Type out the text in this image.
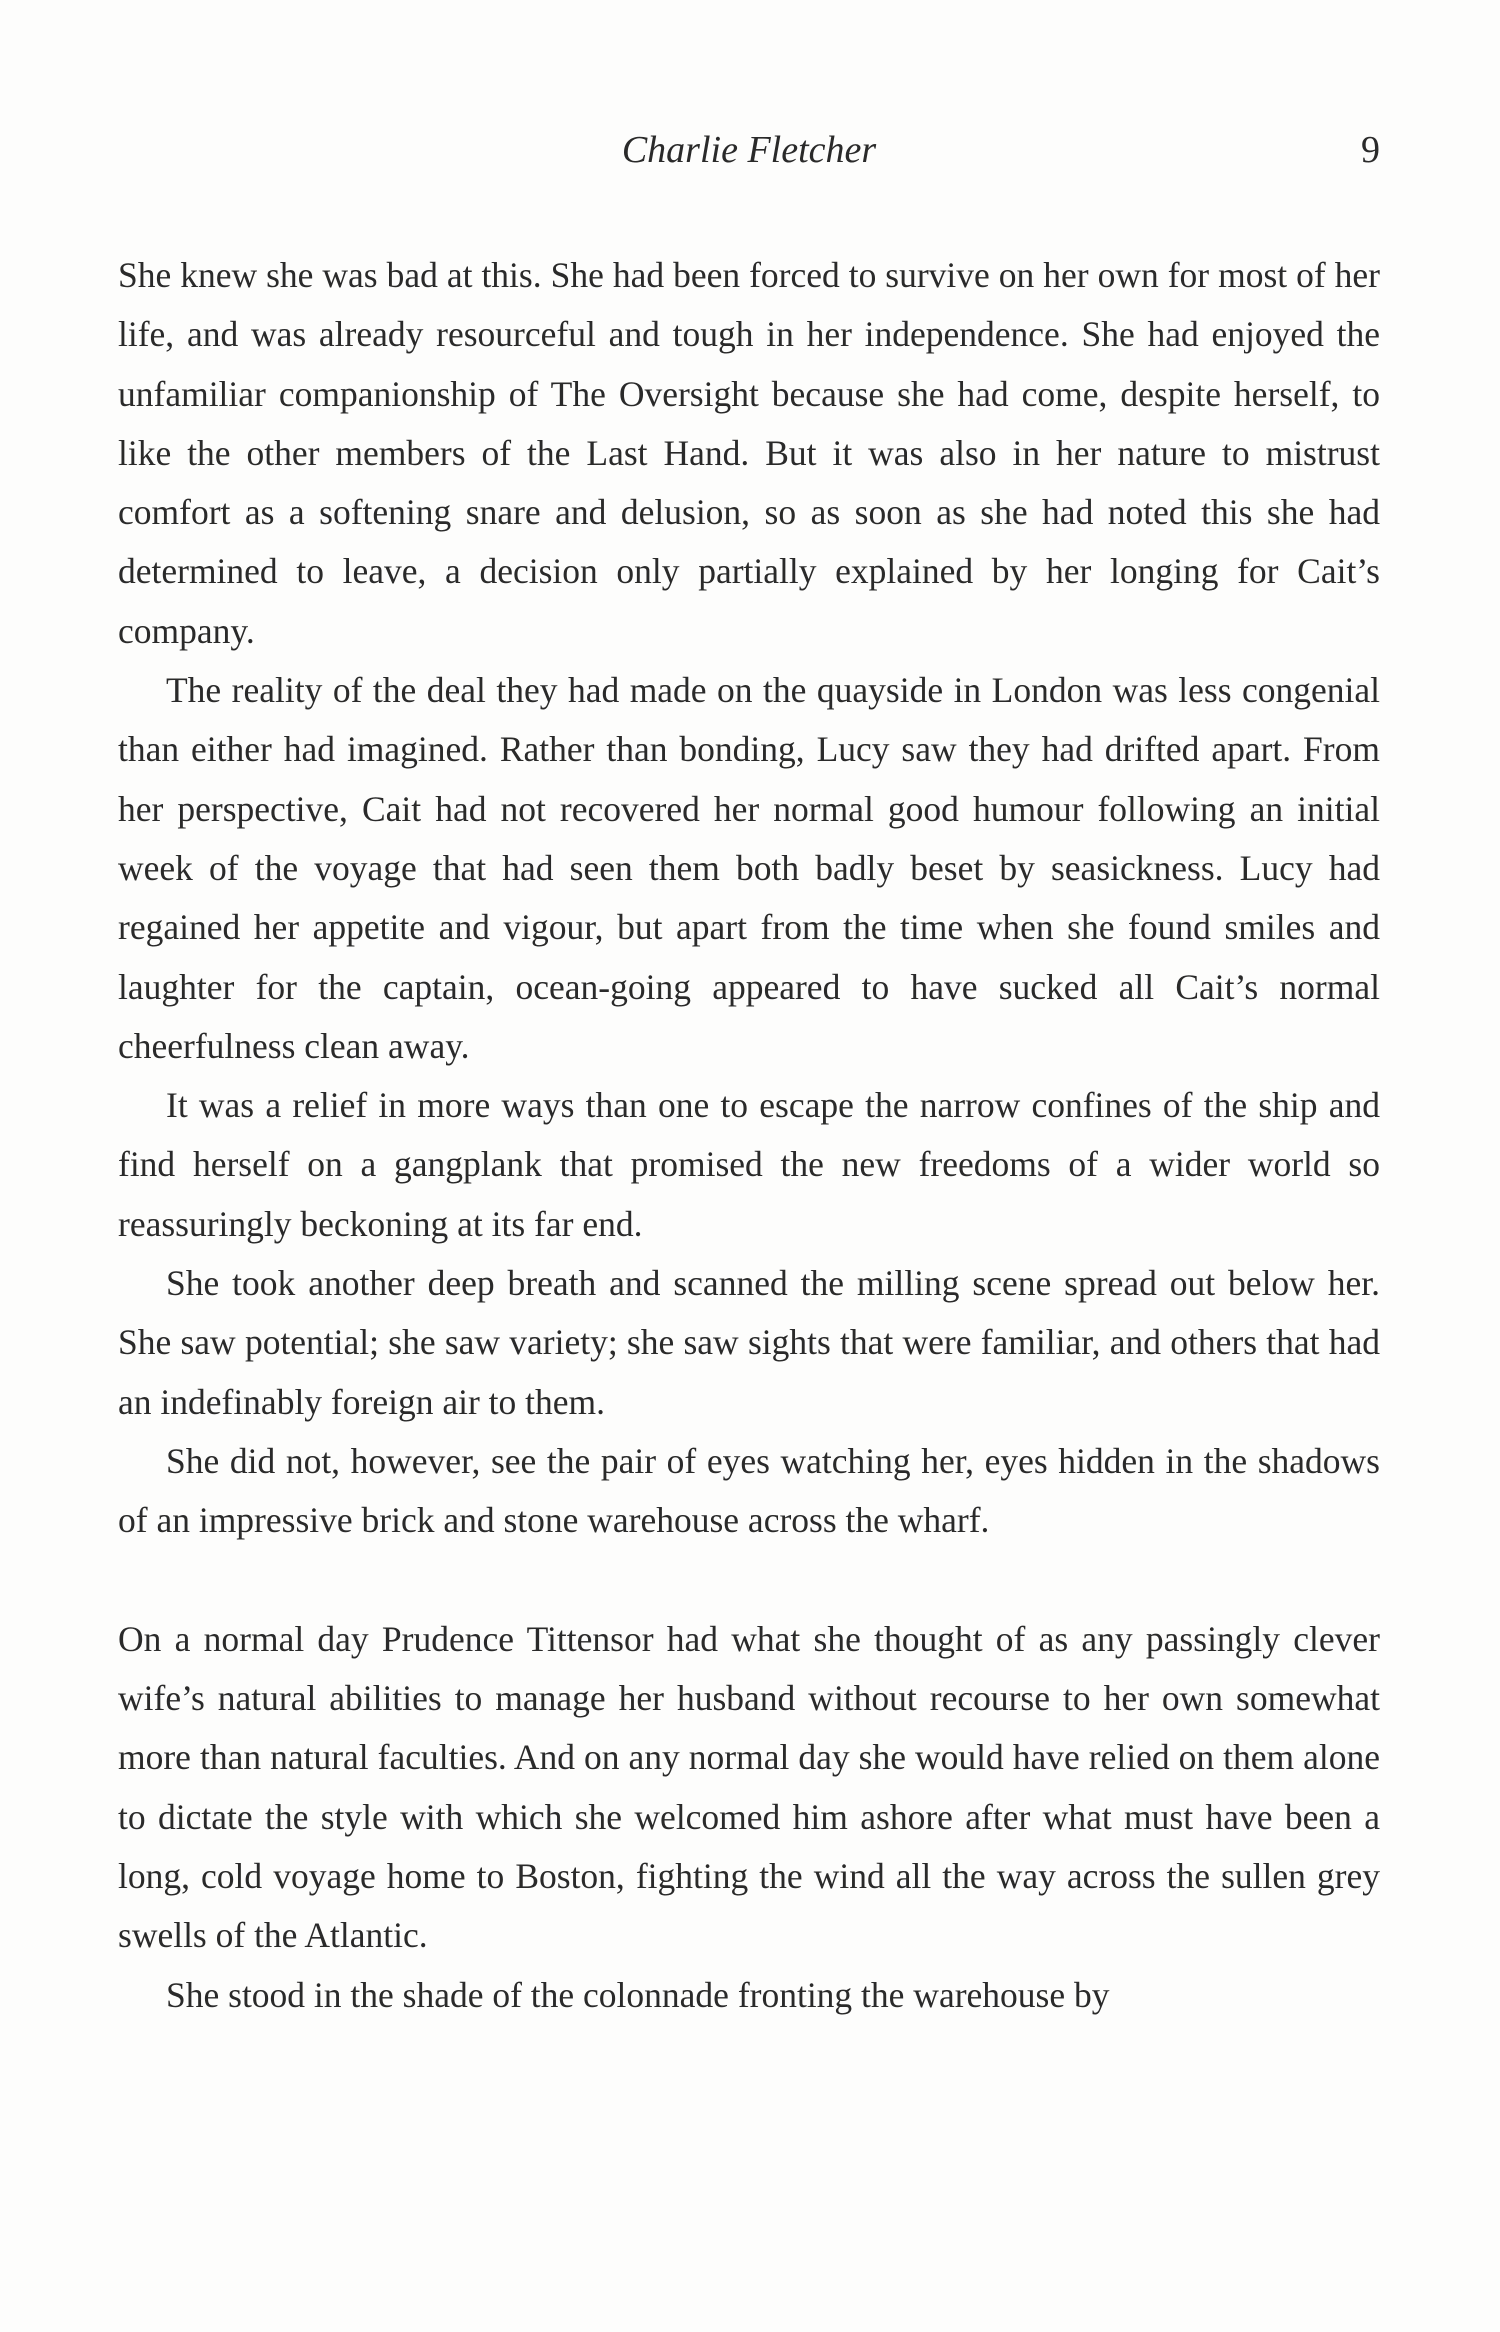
Charlie Fletcher	9

She knew she was bad at this. She had been forced to survive on her own for most of her life, and was already resourceful and tough in her independence. She had enjoyed the unfamiliar companionship of The Oversight because she had come, despite herself, to like the other members of the Last Hand. But it was also in her nature to mistrust comfort as a softening snare and delusion, so as soon as she had noted this she had determined to leave, a decision only partially explained by her longing for Cait’s company.

The reality of the deal they had made on the quayside in London was less congenial than either had imagined. Rather than bonding, Lucy saw they had drifted apart. From her perspective, Cait had not recovered her normal good humour following an initial week of the voyage that had seen them both badly beset by seasickness. Lucy had regained her appetite and vigour, but apart from the time when she found smiles and laughter for the captain, ocean-going appeared to have sucked all Cait’s normal cheerfulness clean away.

It was a relief in more ways than one to escape the narrow confines of the ship and find herself on a gangplank that promised the new freedoms of a wider world so reassuringly beckoning at its far end.

She took another deep breath and scanned the milling scene spread out below her. She saw potential; she saw variety; she saw sights that were familiar, and others that had an indefinably foreign air to them.

She did not, however, see the pair of eyes watching her, eyes hidden in the shadows of an impressive brick and stone warehouse across the wharf.

On a normal day Prudence Tittensor had what she thought of as any passingly clever wife’s natural abilities to manage her husband without recourse to her own somewhat more than natural faculties. And on any normal day she would have relied on them alone to dictate the style with which she welcomed him ashore after what must have been a long, cold voyage home to Boston, fighting the wind all the way across the sullen grey swells of the Atlantic.

She stood in the shade of the colonnade fronting the warehouse by
